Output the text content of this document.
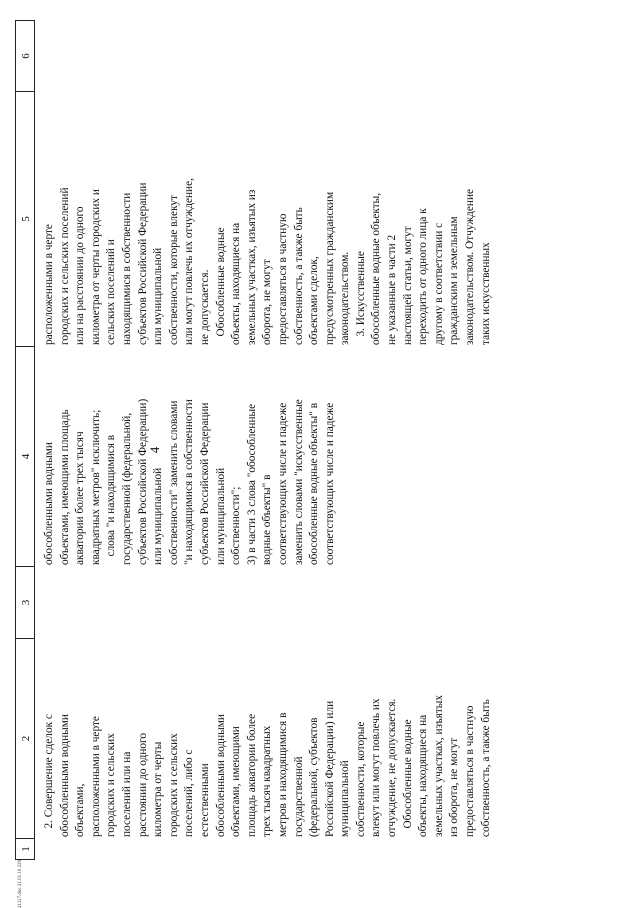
21117.doc 21.01.10 229
4
1
2
3
4
5
6
2. Совершение сделок с обособленными водными объектами, расположенными в черте городских и сельских поселений или на расстоянии до одного километра от черты городских и сельских поселений, либо с естественными обособленными водными объектами, имеющими площадь акватории более трех тысяч квадратных метров и находящимися в государственной (федеральной, субъектов Российской Федерации) или муниципальной собственности, которые влекут или могут повлечь их отчуждение, не допускается. Обособленные водные объекты, находящиеся на земельных участках, изъятых из оборота, не могут предоставляться в частную собственность, а также быть
обособленными водными объектами, имеющими площадь акватории более трех тысяч квадратных метров" исключить; слова "и находящимися в государственной (федеральной, субъектов Российской Федерации) или муниципальной собственности" заменить словами "и находящимися в собственности субъектов Российской Федерации или муниципальной собственности"; 3) в части 3 слова "обособленные водные объекты" в соответствующих числе и падеже заменить словами "искусственные обособленные водные объекты" в соответствующих числе и падеже
расположенными в черте городских и сельских поселений или на расстоянии до одного километра от черты городских и сельских поселений и находящимися в собственности субъектов Российской Федерации или муниципальной собственности, которые влекут или могут повлечь их отчуждение, не допускается. Обособленные водные объекты, находящиеся на земельных участках, изъятых из оборота, не могут предоставляться в частную собственность, а также быть объектами сделок, предусмотренных гражданским законодательством. 3. Искусственные обособленные водные объекты, не указанные в части 2 настоящей статьи, могут переходить от одного лица к другому в соответствии с гражданским и земельным законодательством. Отчуждение таких искусственных
